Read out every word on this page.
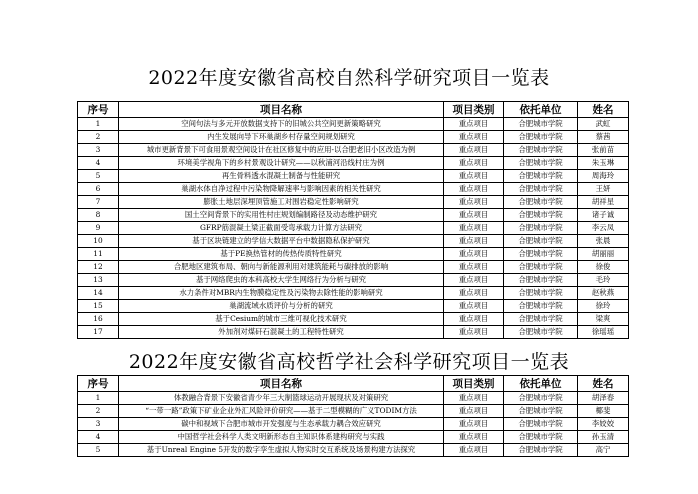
2022年度安徽省高校自然科学研究项目一览表
序号	项目名称	项目类别	依托单位	姓名
1	空间句法与多元开放数据支持下的旧城公共空间更新策略研究	重点项目	合肥城市学院	武虹
2	内生发展向导下环巢湖乡村存量空间规划研究	重点项目	合肥城市学院	蔡茜
3	城市更新背景下可食用景观空间设计在社区修复中的应用-以合肥老旧小区改造为例	重点项目	合肥城市学院	张前苗
4	环境美学视角下的乡村景观设计研究——以秋浦河沿线村庄为例	重点项目	合肥城市学院	朱玉琳
5	再生骨料透水混凝土制备与性能研究	重点项目	合肥城市学院	周海玲
6	巢湖水体自净过程中污染物降解速率与影响因素的相关性研究	重点项目	合肥城市学院	王妍
7	膨胀土地层深埋顶管施工对围岩稳定性影响研究	重点项目	合肥城市学院	胡祥星
8	国土空间背景下的实用性村庄规划编制路径及动态维护研究	重点项目	合肥城市学院	诸子诚
9	GFRP筋混凝土梁正截面受弯承载力计算方法研究	重点项目	合肥城市学院	李云凤
10	基于区块链建立的学信大数据平台中数据隐私保护研究	重点项目	合肥城市学院	张晨
11	基于PE换热管材的传热传质特性研究	重点项目	合肥城市学院	胡丽丽
12	合肥地区建筑布局、朝向与新能源利用对建筑能耗与碳排放的影响	重点项目	合肥城市学院	徐俊
13	基于网络爬虫的本科高校大学生网络行为分析与研究	重点项目	合肥城市学院	毛玲
14	水力条件对MBR内生物膜稳定性及污染物去除性能的影响研究	重点项目	合肥城市学院	赵秋燕
15	巢湖流域水质评价与分析的研究	重点项目	合肥城市学院	徐玲
16	基于Cesium的城市三维可视化技术研究	重点项目	合肥城市学院	梁爽
17	外加剂对煤矸石混凝土的工程特性研究	重点项目	合肥城市学院	徐瑶瑶
2022年度安徽省高校哲学社会科学研究项目一览表
序号	项目名称	项目类别	依托单位	姓名
1	体教融合背景下安徽省青少年三大制篮球运动开展现状及对策研究	重点项目	合肥城市学院	胡泽春
2	“一带一路”政策下矿业企业外汇风险评价研究——基于二型模糊的广义TODIM方法	重点项目	合肥城市学院	椰斐
3	碳中和视域下合肥市城市开发强度与生态承载力耦合效应研究	重点项目	合肥城市学院	李姣姣
4	中国哲学社会科学人类文明新形态自主知识体系建构研究与实践	重点项目	合肥城市学院	孙玉清
5	基于Unreal Engine 5开发的数字孪生虚拟人物实时交互系统及场景构建方法探究	重点项目	合肥城市学院	高宁
